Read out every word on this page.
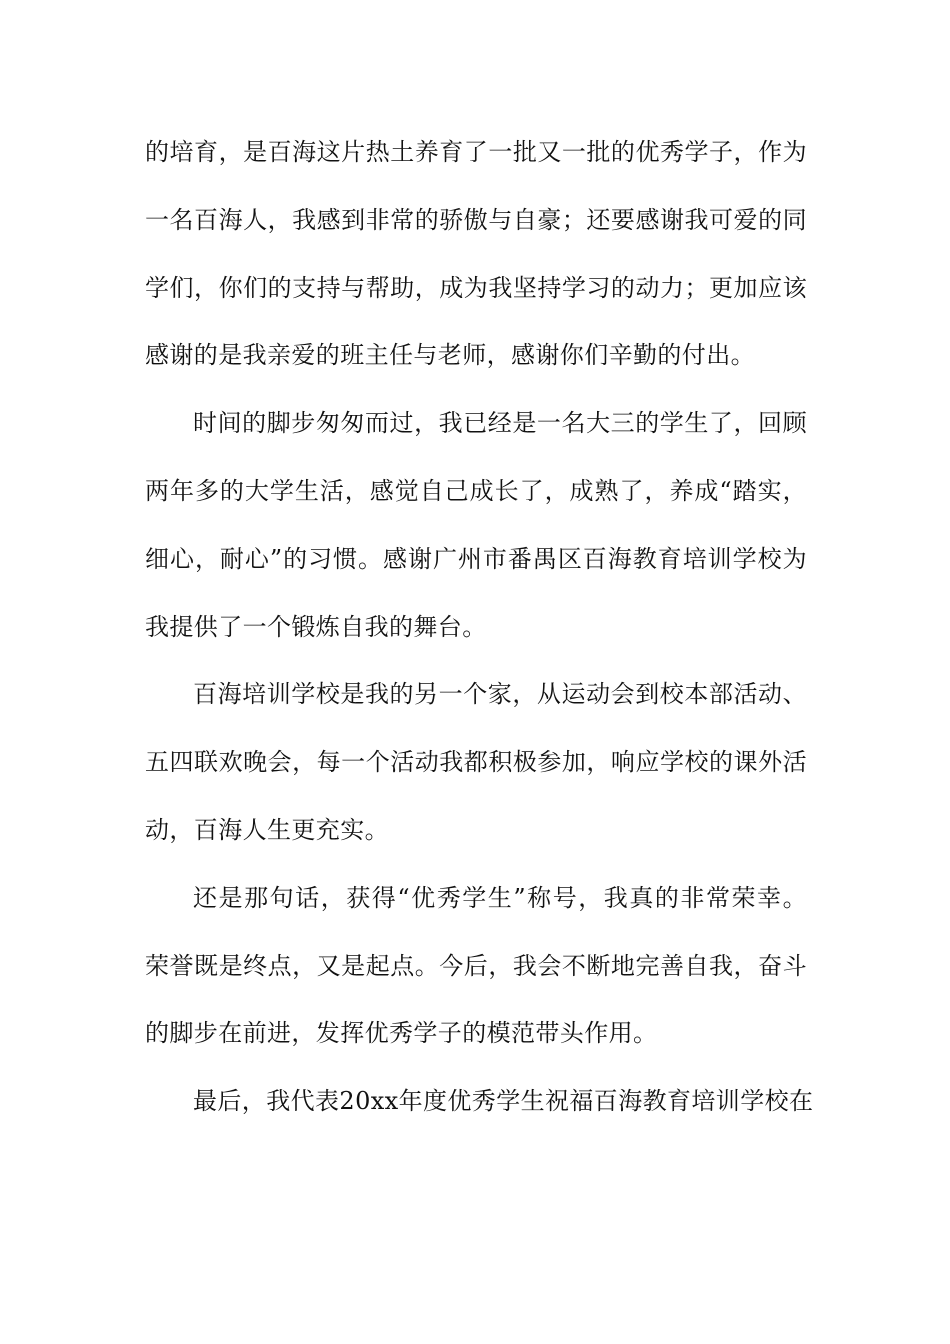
的培育，是百海这片热土养育了一批又一批的优秀学子，作为
一名百海人，我感到非常的骄傲与自豪；还要感谢我可爱的同
学们，你们的支持与帮助，成为我坚持学习的动力；更加应该
感谢的是我亲爱的班主任与老师，感谢你们辛勤的付出。
时间的脚步匆匆而过，我已经是一名大三的学生了，回顾
两年多的大学生活，感觉自己成长了，成熟了，养成“踏实，
细心，耐心”的习惯。感谢广州市番禺区百海教育培训学校为
我提供了一个锻炼自我的舞台。
百海培训学校是我的另一个家，从运动会到校本部活动、
五四联欢晚会，每一个活动我都积极参加，响应学校的课外活
动，百海人生更充实。
还是那句话，获得“优秀学生”称号，我真的非常荣幸。
荣誉既是终点，又是起点。今后，我会不断地完善自我，奋斗
的脚步在前进，发挥优秀学子的模范带头作用。
最后，我代表20xx年度优秀学生祝福百海教育培训学校在
